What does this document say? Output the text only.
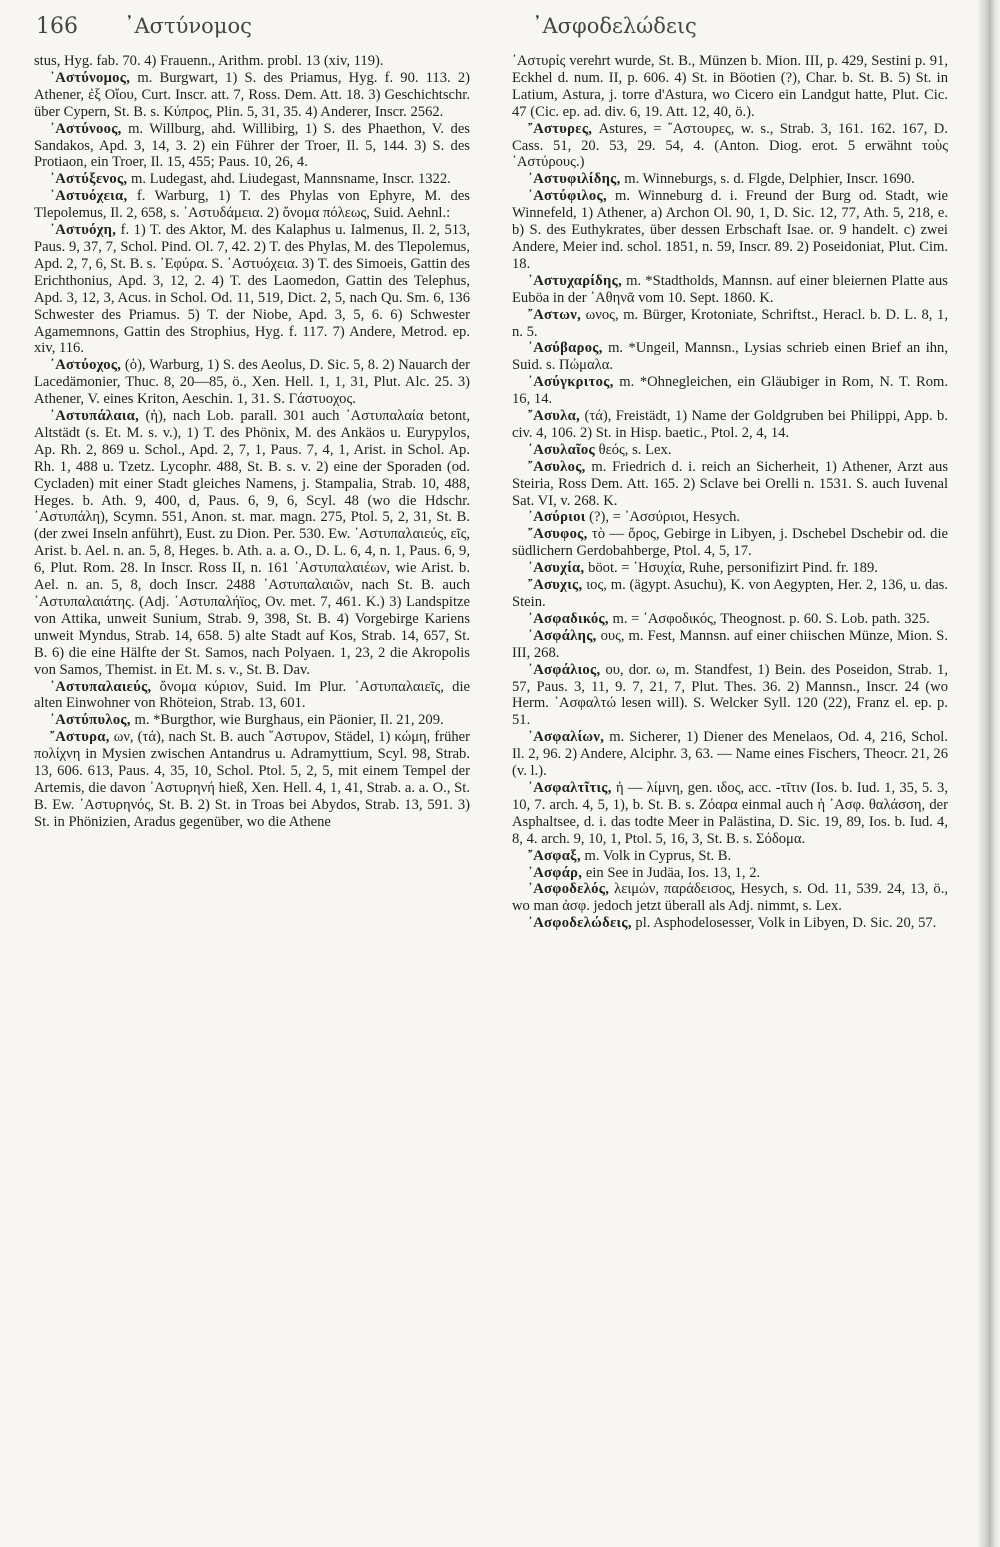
166 ᾿Αστύνομος	᾿Ασφοδελώδεις

stus, Hyg. fab. 70. 4) Frauenn., Arithm. probl. 13 (xiv, 119).

᾿Αστύνομος, m. Burgwart, 1) S. des Priamus, Hyg. f. 90. 113. 2) Athener, ἐξ Οἴου, Curt. Inscr. att. 7, Ross. Dem. Att. 18. 3) Geschichtschr. über Cypern, St. B. s. Κύπρος, Plin. 5, 31, 35. 4) Anderer, Inscr. 2562.

᾿Αστύνοος, m. Willburg, ahd. Willibirg, 1) S. des Phaethon, V. des Sandakos, Apd. 3, 14, 3. 2) ein Führer der Troer, Il. 5, 144. 3) S. des Protiaon, ein Troer, Il. 15, 455; Paus. 10, 26, 4.

᾿Αστύξενος, m. Ludegast, ahd. Liudegast, Mannsname, Inscr. 1322.

᾿Αστυόχεια, f. Warburg, 1) T. des Phylas von Ephyre, M. des Tlepolemus, Il. 2, 658, s. ᾿Αστυδάμεια. 2) ὄνομα πόλεως, Suid. Aehnl.:

᾿Αστυόχη, f. 1) T. des Aktor, M. des Kalaphus u. Ialmenus, Il. 2, 513, Paus. 9, 37, 7, Schol. Pind. Ol. 7, 42. 2) T. des Phylas, M. des Tlepolemus, Apd. 2, 7, 6, St. B. s. ᾿Εφύρα. S. ᾿Αστυόχεια. 3) T. des Simoeis, Gattin des Erichthonius, Apd. 3, 12, 2. 4) T. des Laomedon, Gattin des Telephus, Apd. 3, 12, 3, Acus. in Schol. Od. 11, 519, Dict. 2, 5, nach Qu. Sm. 6, 136 Schwester des Priamus. 5) T. der Niobe, Apd. 3, 5, 6. 6) Schwester Agamemnons, Gattin des Strophius, Hyg. f. 117. 7) Andere, Metrod. ep. xiv, 116.

᾿Αστύοχος, (ὁ), Warburg, 1) S. des Aeolus, D. Sic. 5, 8. 2) Nauarch der Lacedämonier, Thuc. 8, 20—85, ö., Xen. Hell. 1, 1, 31, Plut. Alc. 25. 3) Athener, V. eines Kriton, Aeschin. 1, 31. S. Γάστυοχος.

᾿Αστυπάλαια, (ἡ), nach Lob. parall. 301 auch ᾿Αστυπαλαία betont, Altstädt (s. Et. M. s. v.), 1) T. des Phönix, M. des Ankäos u. Eurypylos, Ap. Rh. 2, 869 u. Schol., Apd. 2, 7, 1, Paus. 7, 4, 1, Arist. in Schol. Ap. Rh. 1, 488 u. Tzetz. Lycophr. 488, St. B. s. v. 2) eine der Sporaden (od. Cycladen) mit einer Stadt gleiches Namens, j. Stampalia, Strab. 10, 488, Heges. b. Ath. 9, 400, d, Paus. 6, 9, 6, Scyl. 48 (wo die Hdschr. ᾿Αστυπάλη), Scymn. 551, Anon. st. mar. magn. 275, Ptol. 5, 2, 31, St. B. (der zwei Inseln anführt), Eust. zu Dion. Per. 530. Ew. ᾿Αστυπαλαιεύς, εῖς, Arist. b. Ael. n. an. 5, 8, Heges. b. Ath. a. a. O., D. L. 6, 4, n. 1, Paus. 6, 9, 6, Plut. Rom. 28. In Inscr. Ross II, n. 161 ᾿Αστυπαλαιέων, wie Arist. b. Ael. n. an. 5, 8, doch Inscr. 2488 ᾿Αστυπαλαιῶν, nach St. B. auch ᾿Αστυπαλαιάτης. (Adj. ᾿Αστυπαλήϊος, Ov. met. 7, 461. K.) 3) Landspitze von Attika, unweit Sunium, Strab. 9, 398, St. B. 4) Vorgebirge Kariens unweit Myndus, Strab. 14, 658. 5) alte Stadt auf Kos, Strab. 14, 657, St. B. 6) die eine Hälfte der St. Samos, nach Polyaen. 1, 23, 2 die Akropolis von Samos, Themist. in Et. M. s. v., St. B. Dav.

᾿Αστυπαλαιεύς, ὄνομα κύριον, Suid. Im Plur. ᾿Αστυπαλαιεῖς, die alten Einwohner von Rhöteion, Strab. 13, 601.

᾿Αστύπυλος, m. *Burgthor, wie Burghaus, ein Päonier, Il. 21, 209.

῎Αστυρα, ων, (τά), nach St. B. auch ῎Αστυρον, Städel, 1) κώμη, früher πολίχνη in Mysien zwischen Antandrus u. Adramyttium, Scyl. 98, Strab. 13, 606. 613, Paus. 4, 35, 10, Schol. Ptol. 5, 2, 5, mit einem Tempel der Artemis, die davon ᾿Αστυρηνή hieß, Xen. Hell. 4, 1, 41, Strab. a. a. O., St. B. Ew. ᾿Αστυρηνός, St. B. 2) St. in Troas bei Abydos, Strab. 13, 591. 3) St. in Phönizien, Aradus gegenüber, wo die Athene

᾿Αστυρίς verehrt wurde, St. B., Münzen b. Mion. III, p. 429, Sestini p. 91, Eckhel d. num. II, p. 606. 4) St. in Böotien (?), Char. b. St. B. 5) St. in Latium, Astura, j. torre d'Astura, wo Cicero ein Landgut hatte, Plut. Cic. 47 (Cic. ep. ad. div. 6, 19. Att. 12, 40, ö.).

῎Αστυρες, Astures, = ῎Αστουρες, w. s., Strab. 3, 161. 162. 167, D. Cass. 51, 20. 53, 29. 54, 4. (Anton. Diog. erot. 5 erwähnt τοὺς ᾿Αστύρους.)

᾿Αστυφιλίδης, m. Winneburgs, s. d. Flgde, Delphier, Inscr. 1690.

᾿Αστύφιλος, m. Winneburg d. i. Freund der Burg od. Stadt, wie Winnefeld, 1) Athener, a) Archon Ol. 90, 1, D. Sic. 12, 77, Ath. 5, 218, e. b) S. des Euthykrates, über dessen Erbschaft Isae. or. 9 handelt. c) zwei Andere, Meier ind. schol. 1851, n. 59, Inscr. 89. 2) Poseidoniat, Plut. Cim. 18.

᾿Αστυχαρίδης, m. *Stadtholds, Mannsn. auf einer bleiernen Platte aus Euböa in der ᾿Αθηνᾶ vom 10. Sept. 1860. K.

῎Αστων, ωνος, m. Bürger, Krotoniate, Schriftst., Heracl. b. D. L. 8, 1, n. 5.

᾿Ασύβαρος, m. *Ungeil, Mannsn., Lysias schrieb einen Brief an ihn, Suid. s. Πώμαλα.

᾿Ασύγκριτος, m. *Ohnegleichen, ein Gläubiger in Rom, N. T. Rom. 16, 14.

῎Ασυλα, (τά), Freistädt, 1) Name der Goldgruben bei Philippi, App. b. civ. 4, 106. 2) St. in Hisp. baetic., Ptol. 2, 4, 14.

᾿Ασυλαῖος θεός, s. Lex.

῎Ασυλος, m. Friedrich d. i. reich an Sicherheit, 1) Athener, Arzt aus Steiria, Ross Dem. Att. 165. 2) Sclave bei Orelli n. 1531. S. auch Iuvenal Sat. VI, v. 268. K.

᾿Ασύριοι (?), = ᾿Ασσύριοι, Hesych.

῎Ασυφος, τὸ — ὄρος, Gebirge in Libyen, j. Dschebel Dschebir od. die südlichern Gerdobahberge, Ptol. 4, 5, 17.

᾿Ασυχία, böot. = ῾Ησυχία, Ruhe, personifizirt Pind. fr. 189.

῎Ασυχις, ιος, m. (ägypt. Asuchu), K. von Aegypten, Her. 2, 136, u. das. Stein.

᾿Ασφαδικός, m. = ᾿Ασφοδικός, Theognost. p. 60. S. Lob. path. 325.

᾿Ασφάλης, ους, m. Fest, Mannsn. auf einer chiischen Münze, Mion. S. III, 268.

᾿Ασφάλιος, ου, dor. ω, m. Standfest, 1) Bein. des Poseidon, Strab. 1, 57, Paus. 3, 11, 9. 7, 21, 7, Plut. Thes. 36. 2) Mannsn., Inscr. 24 (wo Herm. ᾿Ασφαλτώ lesen will). S. Welcker Syll. 120 (22), Franz el. ep. p. 51.

᾿Ασφαλίων, m. Sicherer, 1) Diener des Menelaos, Od. 4, 216, Schol. Il. 2, 96. 2) Andere, Alciphr. 3, 63. — Name eines Fischers, Theocr. 21, 26 (v. l.).

᾿Ασφαλτῖτις, ἡ — λίμνη, gen. ιδος, acc. -τῖτιν (Ios. b. Iud. 1, 35, 5. 3, 10, 7. arch. 4, 5, 1), b. St. B. s. Ζόαρα einmal auch ἡ ᾿Ασφ. θαλάσση, der Asphaltsee, d. i. das todte Meer in Palästina, D. Sic. 19, 89, Ios. b. Iud. 4, 8, 4. arch. 9, 10, 1, Ptol. 5, 16, 3, St. B. s. Σόδομα.

῎Ασφαξ, m. Volk in Cyprus, St. B.

᾿Ασφάρ, ein See in Judäa, Ios. 13, 1, 2.

᾿Ασφοδελός, λειμών, παράδεισος, Hesych, s. Od. 11, 539. 24, 13, ö., wo man ἀσφ. jedoch jetzt überall als Adj. nimmt, s. Lex.

᾿Ασφοδελώδεις, pl. Asphodelosesser, Volk in Libyen, D. Sic. 20, 57.
